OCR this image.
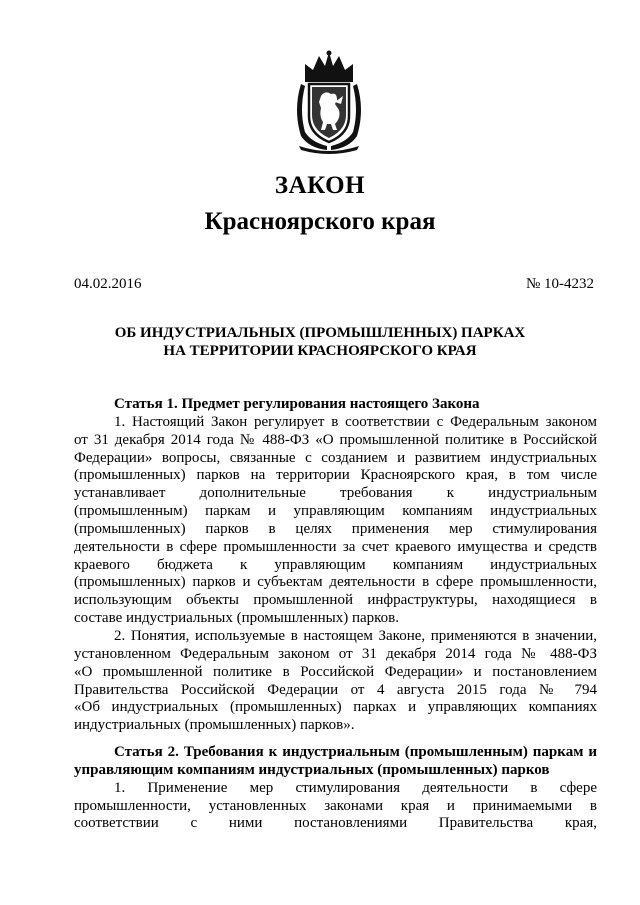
ЗАКОН
Красноярского края
04.02.2016	№ 10-4232
ОБ ИНДУСТРИАЛЬНЫХ (ПРОМЫШЛЕННЫХ) ПАРКАХ
НА ТЕРРИТОРИИ КРАСНОЯРСКОГО КРАЯ
Статья 1. Предмет регулирования настоящего Закона
1. Настоящий Закон регулирует в соответствии с Федеральным законом
от 31 декабря 2014 года № 488-ФЗ «О промышленной политике в Российской
Федерации» вопросы, связанные с созданием и развитием индустриальных
(промышленных) парков на территории Красноярского края, в том числе
устанавливает дополнительные требования к индустриальным
(промышленным) паркам и управляющим компаниям индустриальных
(промышленных) парков в целях применения мер стимулирования
деятельности в сфере промышленности за счет краевого имущества и средств
краевого бюджета к управляющим компаниям индустриальных
(промышленных) парков и субъектам деятельности в сфере промышленности,
использующим объекты промышленной инфраструктуры, находящиеся в
составе индустриальных (промышленных) парков.
2. Понятия, используемые в настоящем Законе, применяются в значении,
установленном Федеральным законом от 31 декабря 2014 года № 488-ФЗ
«О промышленной политике в Российской Федерации» и постановлением
Правительства Российской Федерации от 4 августа 2015 года № 794
«Об индустриальных (промышленных) парках и управляющих компаниях
индустриальных (промышленных) парков».
Статья 2. Требования к индустриальным (промышленным) паркам и
управляющим компаниям индустриальных (промышленных) парков
1. Применение мер стимулирования деятельности в сфере
промышленности, установленных законами края и принимаемыми в
соответствии с ними постановлениями Правительства края,
